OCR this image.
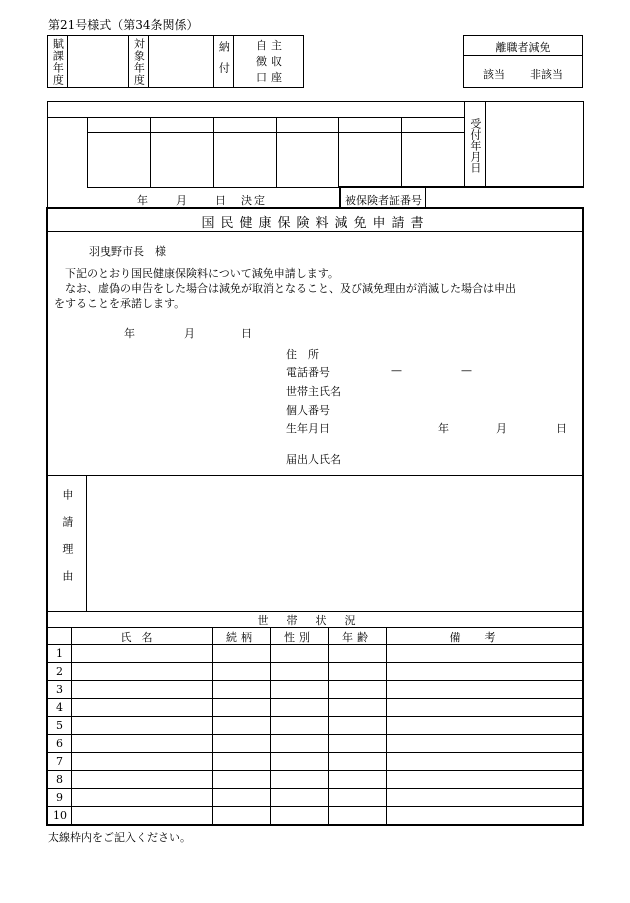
第21号様式（第34条関係）
賦課年度	対象年度	納付	自主
徴収
口座
離職者減免
該当 非該当
受付年月日
年　　月　　日　決定	被保険者証番号
国民健康保険料減免申請書
羽曳野市長　様
下記のとおり国民健康保険料について減免申請します。
なお、虚偽の申告をした場合は減免が取消となること、及び減免理由が消滅した場合は申出
をすることを承諾します。
年	月	日
住　所
電話番号	—	—
世帯主氏名
個人番号
生年月日	年	月	日
届出人氏名
申請理由
世帯状況
氏名	続柄	性別	年齢	備考
1
2
3
4
5
6
7
8
9
10
太線枠内をご記入ください。
